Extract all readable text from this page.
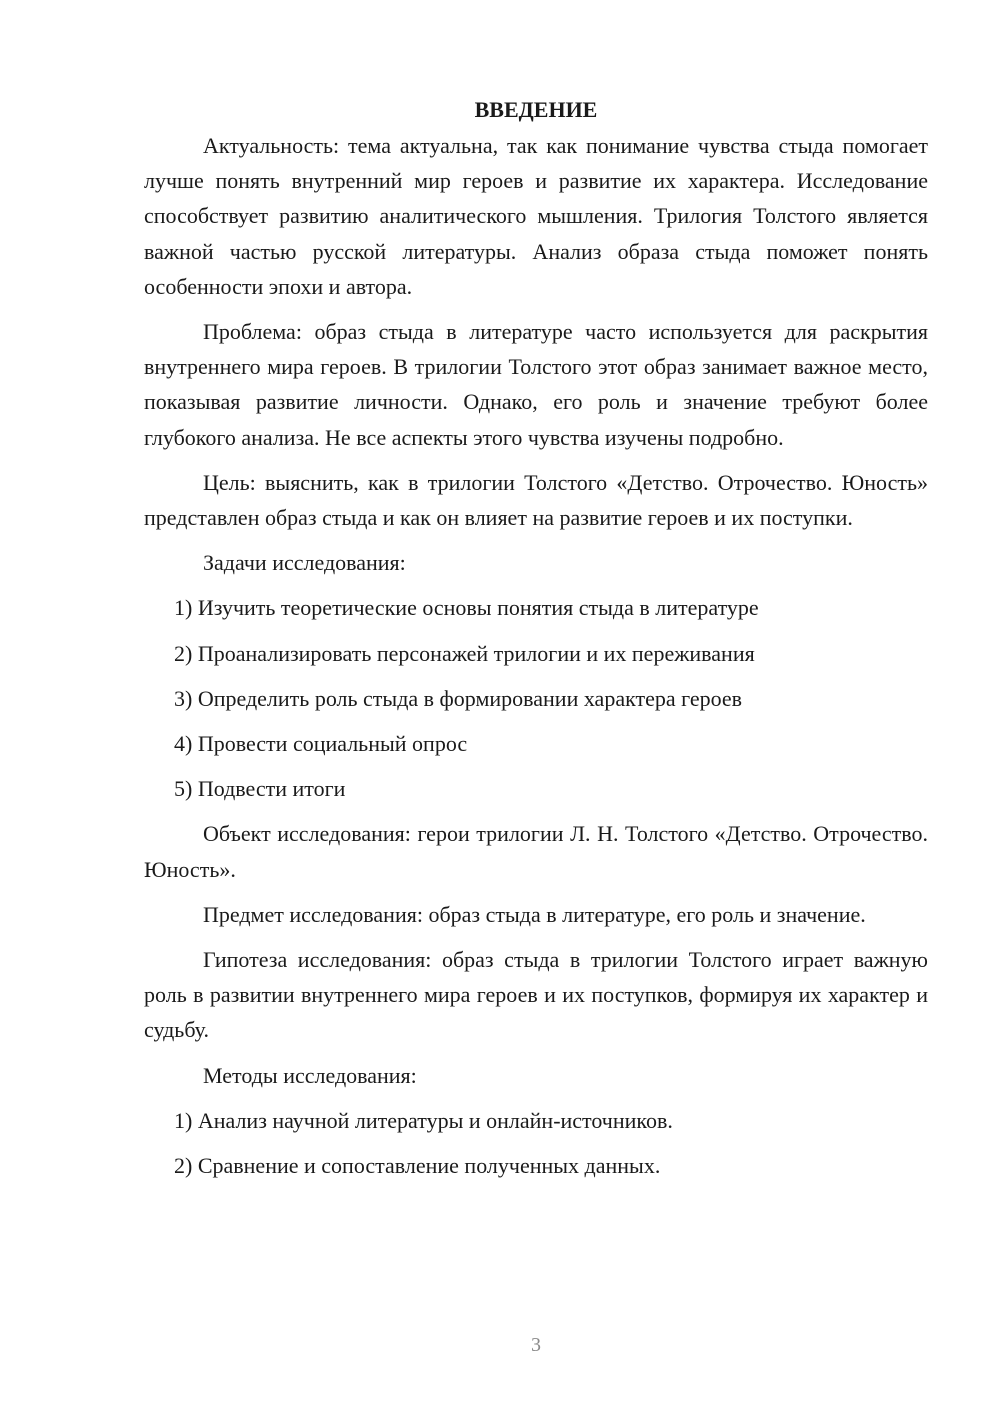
ВВЕДЕНИЕ

Актуальность: тема актуальна, так как понимание чувства стыда помогает лучше понять внутренний мир героев и развитие их характера. Исследование способствует развитию аналитического мышления. Трилогия Толстого является важной частью русской литературы. Анализ образа стыда поможет понять особенности эпохи и автора.

Проблема: образ стыда в литературе часто используется для раскрытия внутреннего мира героев. В трилогии Толстого этот образ занимает важное место, показывая развитие личности. Однако, его роль и значение требуют более глубокого анализа. Не все аспекты этого чувства изучены подробно.

Цель: выяснить, как в трилогии Толстого «Детство. Отрочество. Юность» представлен образ стыда и как он влияет на развитие героев и их поступки.

Задачи исследования:

1) Изучить теоретические основы понятия стыда в литературе
2) Проанализировать персонажей трилогии и их переживания
3) Определить роль стыда в формировании характера героев
4) Провести социальный опрос
5) Подвести итоги

Объект исследования: герои трилогии Л. Н. Толстого «Детство. Отрочество. Юность».

Предмет исследования: образ стыда в литературе, его роль и значение.

Гипотеза исследования: образ стыда в трилогии Толстого играет важную роль в развитии внутреннего мира героев и их поступков, формируя их характер и судьбу.

Методы исследования:

1) Анализ научной литературы и онлайн-источников.
2) Сравнение и сопоставление полученных данных.
3
